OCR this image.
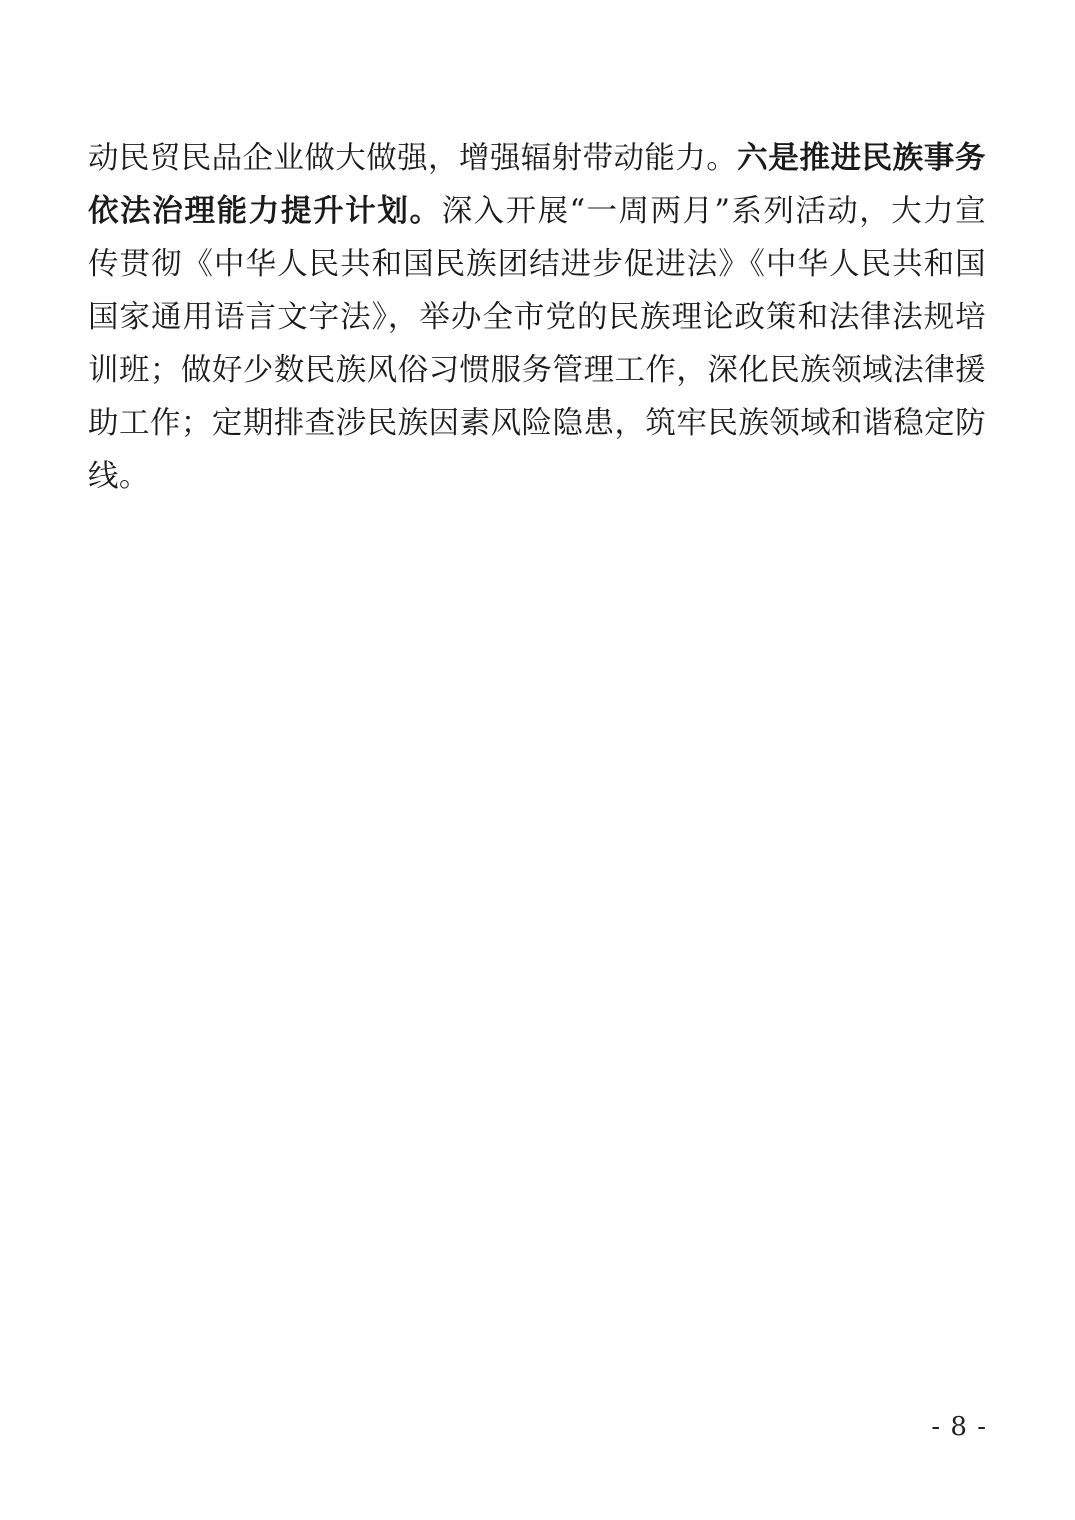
动民贸民品企业做大做强，增强辐射带动能力。六是推进民族事务依法治理能力提升计划。深入开展“一周两月”系列活动，大力宣传贯彻《中华人民共和国民族团结进步促进法》《中华人民共和国国家通用语言文字法》，举办全市党的民族理论政策和法律法规培训班；做好少数民族风俗习惯服务管理工作，深化民族领域法律援助工作；定期排查涉民族因素风险隐患，筑牢民族领域和谐稳定防线。

- 8 -
